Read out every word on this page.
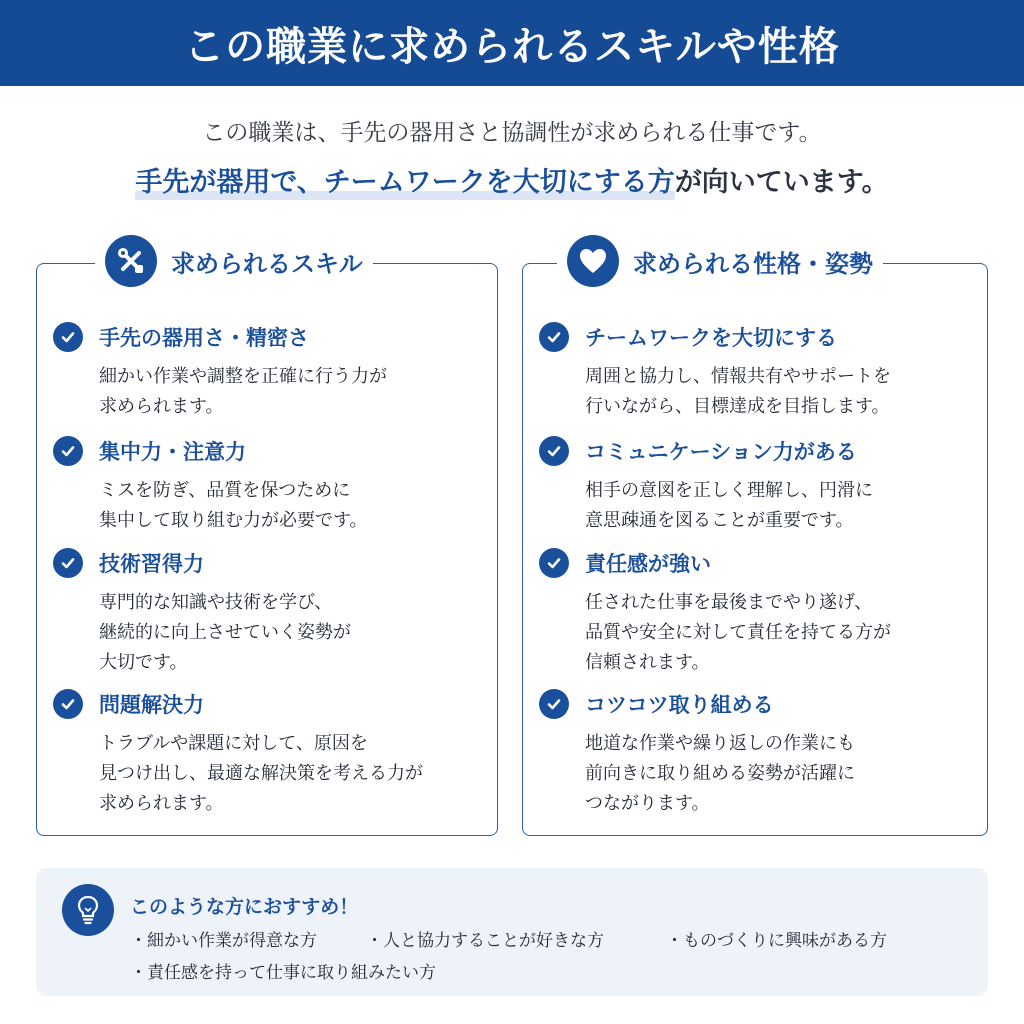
この職業に求められるスキルや性格
この職業は、手先の器用さと協調性が求められる仕事です。
手先が器用で、チームワークを大切にする方が向いています。
求められるスキル
手先の器用さ・精密さ
細かい作業や調整を正確に行う力が
求められます。
集中力・注意力
ミスを防ぎ、品質を保つために
集中して取り組む力が必要です。
技術習得力
専門的な知識や技術を学び、
継続的に向上させていく姿勢が
大切です。
問題解決力
トラブルや課題に対して、原因を
見つけ出し、最適な解決策を考える力が
求められます。
求められる性格・姿勢
チームワークを大切にする
周囲と協力し、情報共有やサポートを
行いながら、目標達成を目指します。
コミュニケーション力がある
相手の意図を正しく理解し、円滑に
意思疎通を図ることが重要です。
責任感が強い
任された仕事を最後までやり遂げ、
品質や安全に対して責任を持てる方が
信頼されます。
コツコツ取り組める
地道な作業や繰り返しの作業にも
前向きに取り組める姿勢が活躍に
つながります。
このような方におすすめ！
・細かい作業が得意な方	・人と協力することが好きな方	・ものづくりに興味がある方
・責任感を持って仕事に取り組みたい方
